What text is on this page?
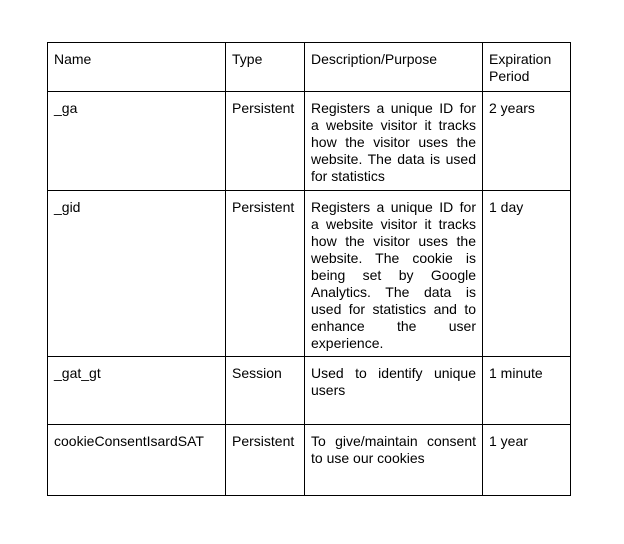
Name	Type	Description/Purpose	Expiration Period
_ga	Persistent	Registers a unique ID for a website visitor it tracks how the visitor uses the website. The data is used for statistics	2 years
_gid	Persistent	Registers a unique ID for a website visitor it tracks how the visitor uses the website. The cookie is being set by Google Analytics. The data is used for statistics and to enhance the user experience.	1 day
_gat_gt	Session	Used to identify unique users	1 minute
cookieConsentIsardSAT	Persistent	To give/maintain consent to use our cookies	1 year
